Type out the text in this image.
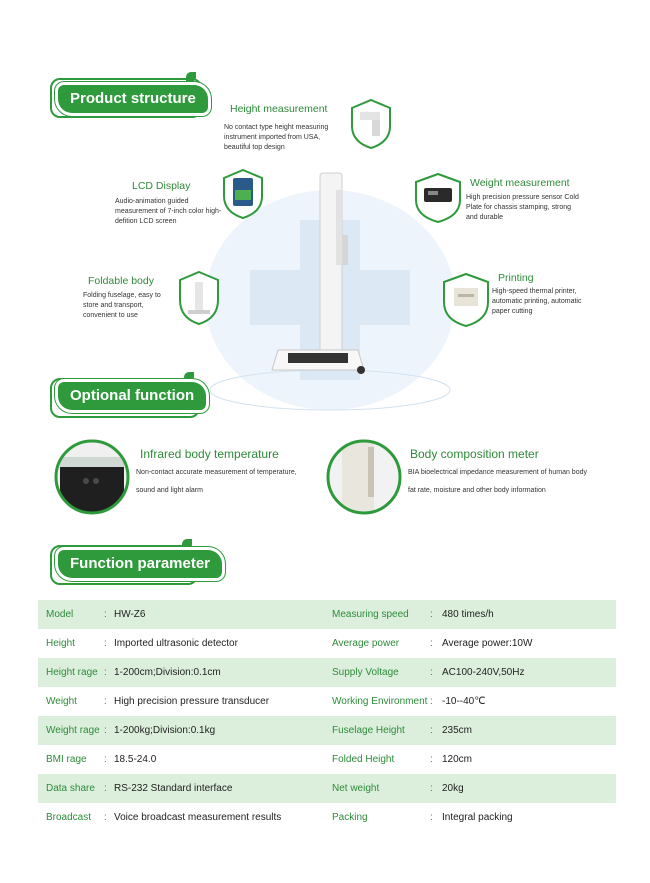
Product structure
Height measurement
No contact type height measuring instrument imported from USA, beautiful top design
LCD Display
Audio-animation guided measurement of 7-inch color high-defition LCD screen
Weight measurement
High precision pressure sensor Cold Plate for chassis stamping, strong and durable
Foldable body
Folding fuselage, easy to store and transport, convenient to use
Printing
High-speed thermal printer, automatic printing, automatic paper cutting
Optional function
Infrared body temperature
Non-contact accurate measurement of temperature, sound and light alarm
Body composition meter
BIA bioelectrical impedance measurement of human body fat rate, moisture and other body information
Function parameter
Model	:	HW-Z6	Measuring speed	:	480 times/h
Height	:	Imported ultrasonic detector	Average power	:	Average power:10W
Height rage	:	1-200cm;Division:0.1cm	Supply Voltage	:	AC100-240V,50Hz
Weight	:	High precision pressure transducer	Working Environment	:	-10--40℃
Weight rage	:	1-200kg;Division:0.1kg	Fuselage Height	:	235cm
BMI rage	:	18.5-24.0	Folded Height	:	120cm
Data share	:	RS-232 Standard interface	Net weight	:	20kg
Broadcast	:	Voice broadcast measurement results	Packing	:	Integral packing
